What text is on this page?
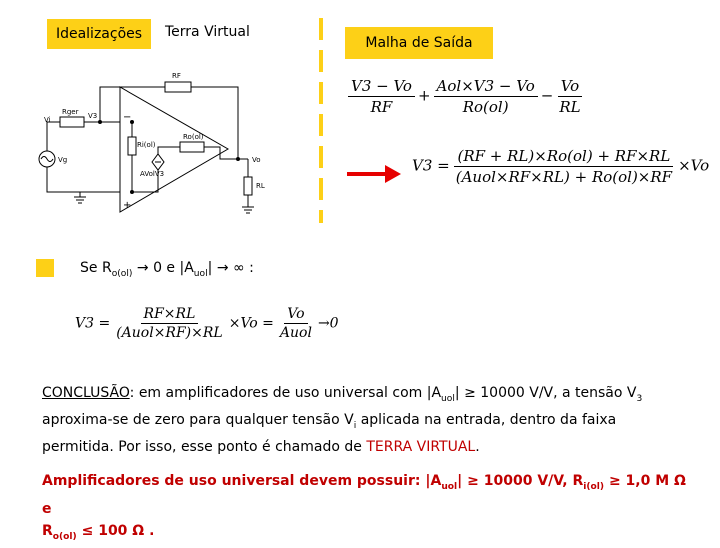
Idealizações Terra Virtual
Malha de Saída
RF
Vi
Rger V3
Vg
Ri(ol)
Ro(ol)
AVolV3
Vo
RL
−
+
$\frac{V3 - Vo}{RF} + \frac{\text{Aol×V3 − Vo}}{Ro(ol)} - \frac{Vo}{RL}$
$V3 = \frac{(RF + RL)\times Ro(ol) + RF\times RL}{\text{(Auol×RF×RL) + Ro(ol)×RF}} \times Vo$
Se $R_{o(ol)} \to 0$ e $|A_{uol}|$ → ∞ :
$V3 = \frac{RF\times RL}{\text{(Auol×RF)×RL}} \times Vo = \frac{Vo}{\text{Auol}} \to 0$
CONCLUSÃO: em amplificadores de uso universal com $|A_{uol}| \ge 10000$ V/V, a tensão $V_3$
aproxima-se de zero para qualquer tensão $V_i$ aplicada na entrada, dentro da faixa
permitida. Por isso, esse ponto é chamado de TERRA VIRTUAL.
Amplificadores de uso universal devem possuir: $|A_{uol}| \ge 10000$ V/V, $R_{i(ol)} \ge 1,0$ M Ω e
$R_{o(ol)} \le 100$ Ω .
